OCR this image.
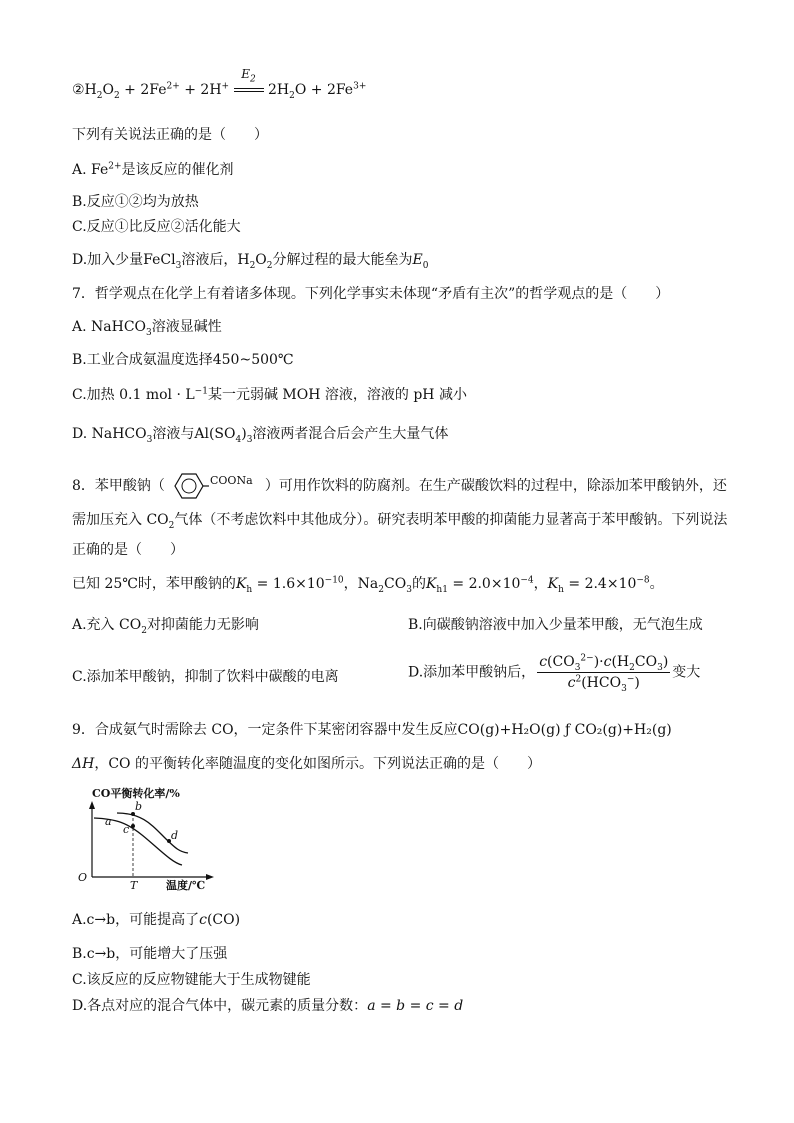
$②H_2O_2 + 2Fe^{2+} + 2H^+$
$E_2$
$2H_2O + 2Fe^{3+}$
下列有关说法正确的是（　　）
A. $Fe^{2+}$是该反应的催化剂
B.反应①②均为放热
C.反应①比反应②活化能大
D.加入少量FeCl$_3$溶液后，$H_2O_2$分解过程的最大能垒为$E_0$
7．哲学观点在化学上有着诸多体现。下列化学事实未体现“矛盾有主次”的哲学观点的是（　　）
A. NaHCO$_3$溶液显碱性
B.工业合成氨温度选择450~500℃
C.加热 0.1 mol · $L^{-1}$某一元弱碱 MOH 溶液，溶液的 pH 减小
D. NaHCO$_3$溶液与$Al(SO_4)_3$溶液两者混合后会产生大量气体
8．苯甲酸钠（	COONa ）可用作饮料的防腐剂。在生产碳酸饮料的过程中，除添加苯甲酸钠外，还
需加压充入 $CO_2$气体（不考虑饮料中其他成分）。研究表明苯甲酸的抑菌能力显著高于苯甲酸钠。下列说法
正确的是（　　）
已知 25℃时，苯甲酸钠的$K_h = 1.6\times 10^{-10}$，$Na_2CO_3$的$K_{h1} = 2.0\times 10^{-4}$，$K_h = 2.4\times 10^{-8}$。
A.充入 $CO_2$对抑菌能力无影响	B.向碳酸钠溶液中加入少量苯甲酸，无气泡生成
C.添加苯甲酸钠，抑制了饮料中碳酸的电离	D.添加苯甲酸钠后， $\frac{c(CO_3^{2-})\cdot c(H_2CO_3)}{c^2(HCO_3^-)}$ 变大
9．合成氨气时需除去 CO，一定条件下某密闭容器中发生反应CO(g)+H₂O(g) ƒ CO₂(g)+H₂(g)
ΔH，CO 的平衡转化率随温度的变化如图所示。下列说法正确的是（　　）
CO平衡转化率/%
O
T	温度/℃
a
b
c	d
A.c→b，可能提高了c(CO)
B.c→b，可能增大了压强
C.该反应的反应物键能大于生成物键能
D.各点对应的混合气体中，碳元素的质量分数：a = b = c = d
